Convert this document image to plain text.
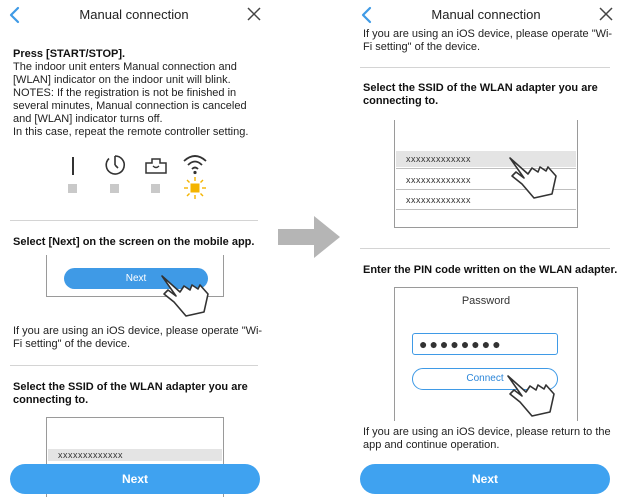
Manual connection
Press [START/STOP].
The indoor unit enters Manual connection and
[WLAN] indicator on the indoor unit will blink.
NOTES: If the registration is not be finished in
several minutes, Manual connection is canceled
and [WLAN] indicator turns off.
In this case, repeat the remote controller setting.
Select [Next] on the screen on the mobile app.
Next
If you are using an iOS device, please operate "Wi-
Fi setting" of the device.
Select the SSID of the WLAN adapter you are
connecting to.
xxxxxxxxxxxxx
Next
Manual connection
If you are using an iOS device, please operate "Wi-
Fi setting" of the device.
Select the SSID of the WLAN adapter you are
connecting to.
xxxxxxxxxxxxx
xxxxxxxxxxxxx
xxxxxxxxxxxxx
Enter the PIN code written on the WLAN adapter.
Password
●●●●●●●●
Connect
If you are using an iOS device, please return to the
app and continue operation.
Next
